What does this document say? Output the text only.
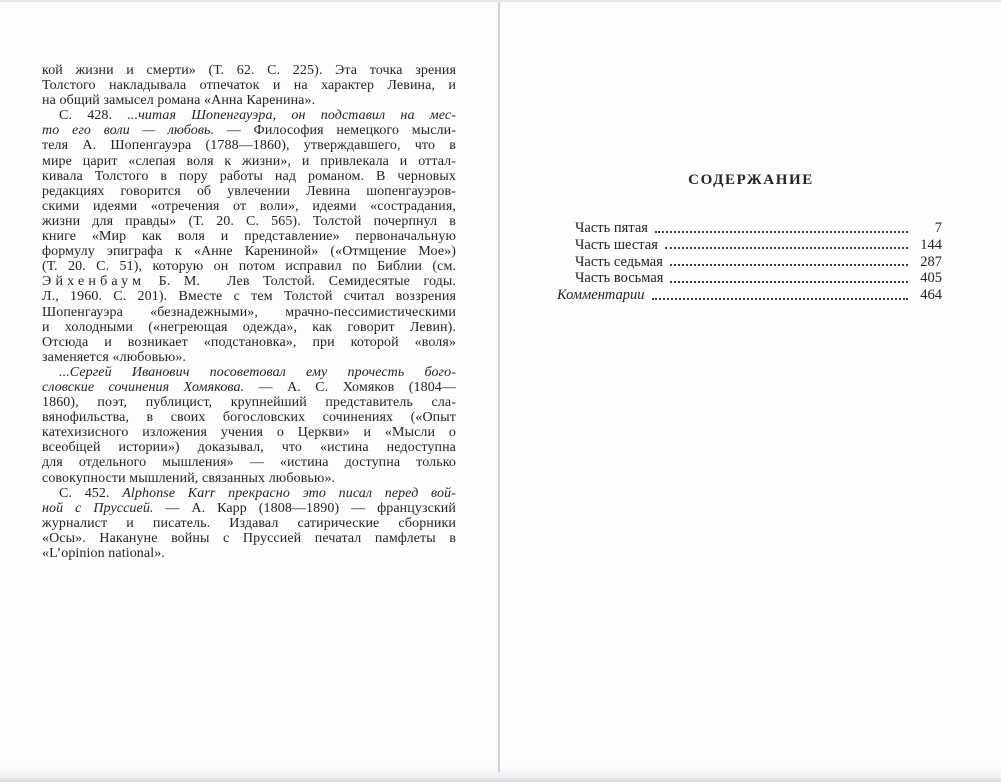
кой жизни и смерти» (Т. 62. С. 225). Эта точка зрения
Толстого накладывала отпечаток и на характер Левина, и
на общий замысел романа «Анна Каренина».
С. 428. ...читая Шопенгауэра, он подставил на мес-
то его воли — любовь. — Философия немецкого мысли-
теля А. Шопенгауэра (1788—1860), утверждавшего, что в
мире царит «слепая воля к жизни», и привлекала и оттал-
кивала Толстого в пору работы над романом. В черновых
редакциях говорится об увлечении Левина шопенгауэров-
скими идеями «отречения от воли», идеями «сострадания,
жизни для правды» (Т. 20. С. 565). Толстой почерпнул в
книге «Мир как воля и представление» первоначальную
формулу эпиграфа к «Анне Карениной» («Отмщение Мое»)
(Т. 20. С. 51), которую он потом исправил по Библии (см.
Эйхенбаум Б. М.  Лев Толстой. Семидесятые годы.
Л., 1960. С. 201). Вместе с тем Толстой считал воззрения
Шопенгауэра «безнадежными», мрачно-пессимистическими
и холодными («негреющая одежда», как говорит Левин).
Отсюда и возникает «подстановка», при которой «воля»
заменяется «любовью».
...Сергей Иванович посоветовал ему прочесть бого-
словские сочинения Хомякова. — А. С. Хомяков (1804—
1860), поэт, публицист, крупнейший представитель сла-
вянофильства, в своих богословских сочинениях («Опыт
катехизисного изложения учения о Церкви» и «Мысли о
всеобщей истории») доказывал, что «истина недоступна
для отдельного мышления» — «истина доступна только
совокупности мышлений, связанных любовью».
С. 452. Alphonse Karr прекрасно это писал перед вой-
ной с Пруссией. — А. Карр (1808—1890) — французский
журналист и писатель. Издавал сатирические сборники
«Осы». Накануне войны с Пруссией печатал памфлеты в
«L’opinion national».
СОДЕРЖАНИЕ
Часть пятая	7
Часть шестая	144
Часть седьмая	287
Часть восьмая	405
Комментарии	464
